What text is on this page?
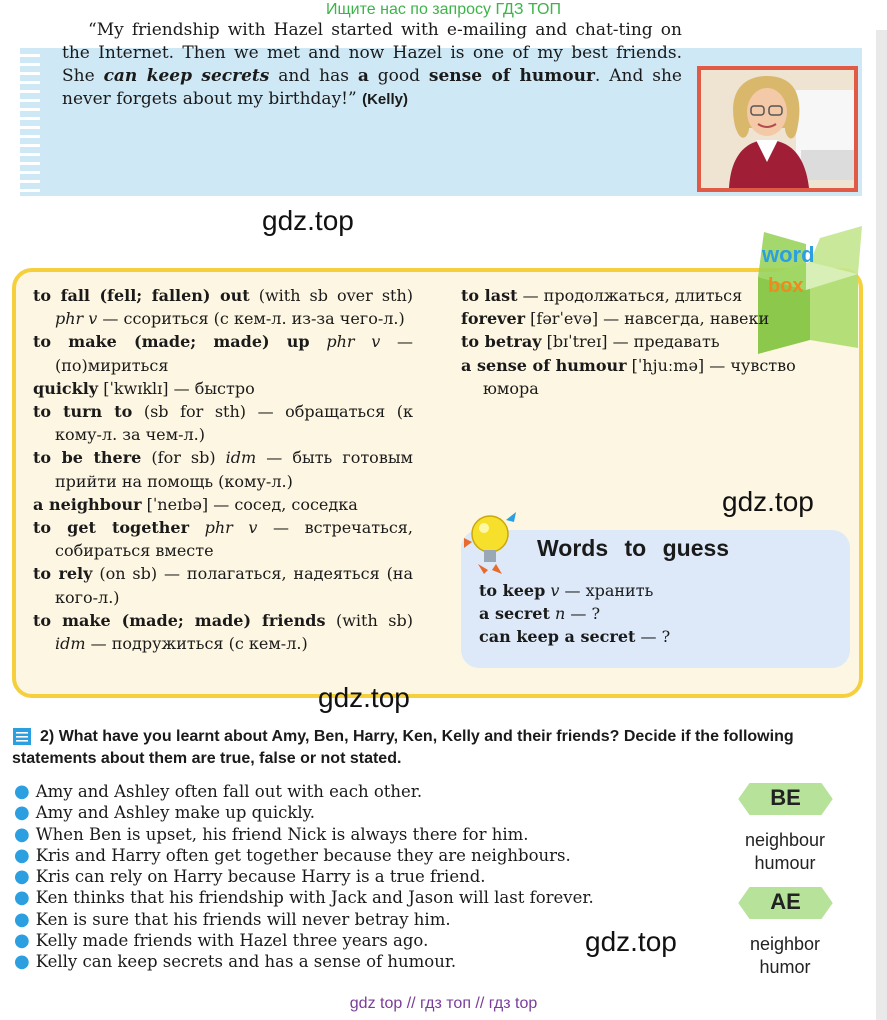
Ищите нас по запросу ГДЗ ТОП
“My friendship with Hazel started with e-mailing and chat-ting on the Internet. Then we met and now Hazel is one of my best friends. She can keep secrets and has a good sense of humour. And she never forgets about my birthday!” (Kelly)
gdz.top
word
box

to fall (fell; fallen) out (with sb over sth) phr v — ссориться (с кем-л. из-за чего-л.)

to make (made; made) up phr v — (по)мириться

quickly [ˈkwɪklɪ] — быстро

to turn to (sb for sth) — обращаться (к кому-л. за чем-л.)

to be there (for sb) idm — быть готовым прийти на помощь (кому-л.)

a neighbour [ˈneɪbə] — сосед, соседка

to get together phr v — встречаться, собираться вместе

to rely (on sb) — полагаться, надеяться (на кого-л.)

to make (made; made) friends (with sb) idm — подружиться (с кем-л.)

to last — продолжаться, длиться

forever [fərˈevə] — навсегда, навеки

to betray [bɪˈtreɪ] — предавать

a sense of humour [ˈhjuːmə] — чувство юмора

gdz.top
Words to guess

to keep v — хранить

a secret n — ?

can keep a secret — ?

gdz.top
2) What have you learnt about Amy, Ben, Harry, Ken, Kelly and their friends? Decide if the following statements about them are true, false or not stated.

● Amy and Ashley often fall out with each other.

● Amy and Ashley make up quickly.

● When Ben is upset, his friend Nick is always there for him.

● Kris and Harry often get together because they are neighbours.

● Kris can rely on Harry because Harry is a true friend.

● Ken thinks that his friendship with Jack and Jason will last forever.

● Ken is sure that his friends will never betray him.

● Kelly made friends with Hazel three years ago.

● Kelly can keep secrets and has a sense of humour.

gdz.top
BE
neighbour
humour
AE
neighbor
humor
gdz top // гдз топ // гдз top
